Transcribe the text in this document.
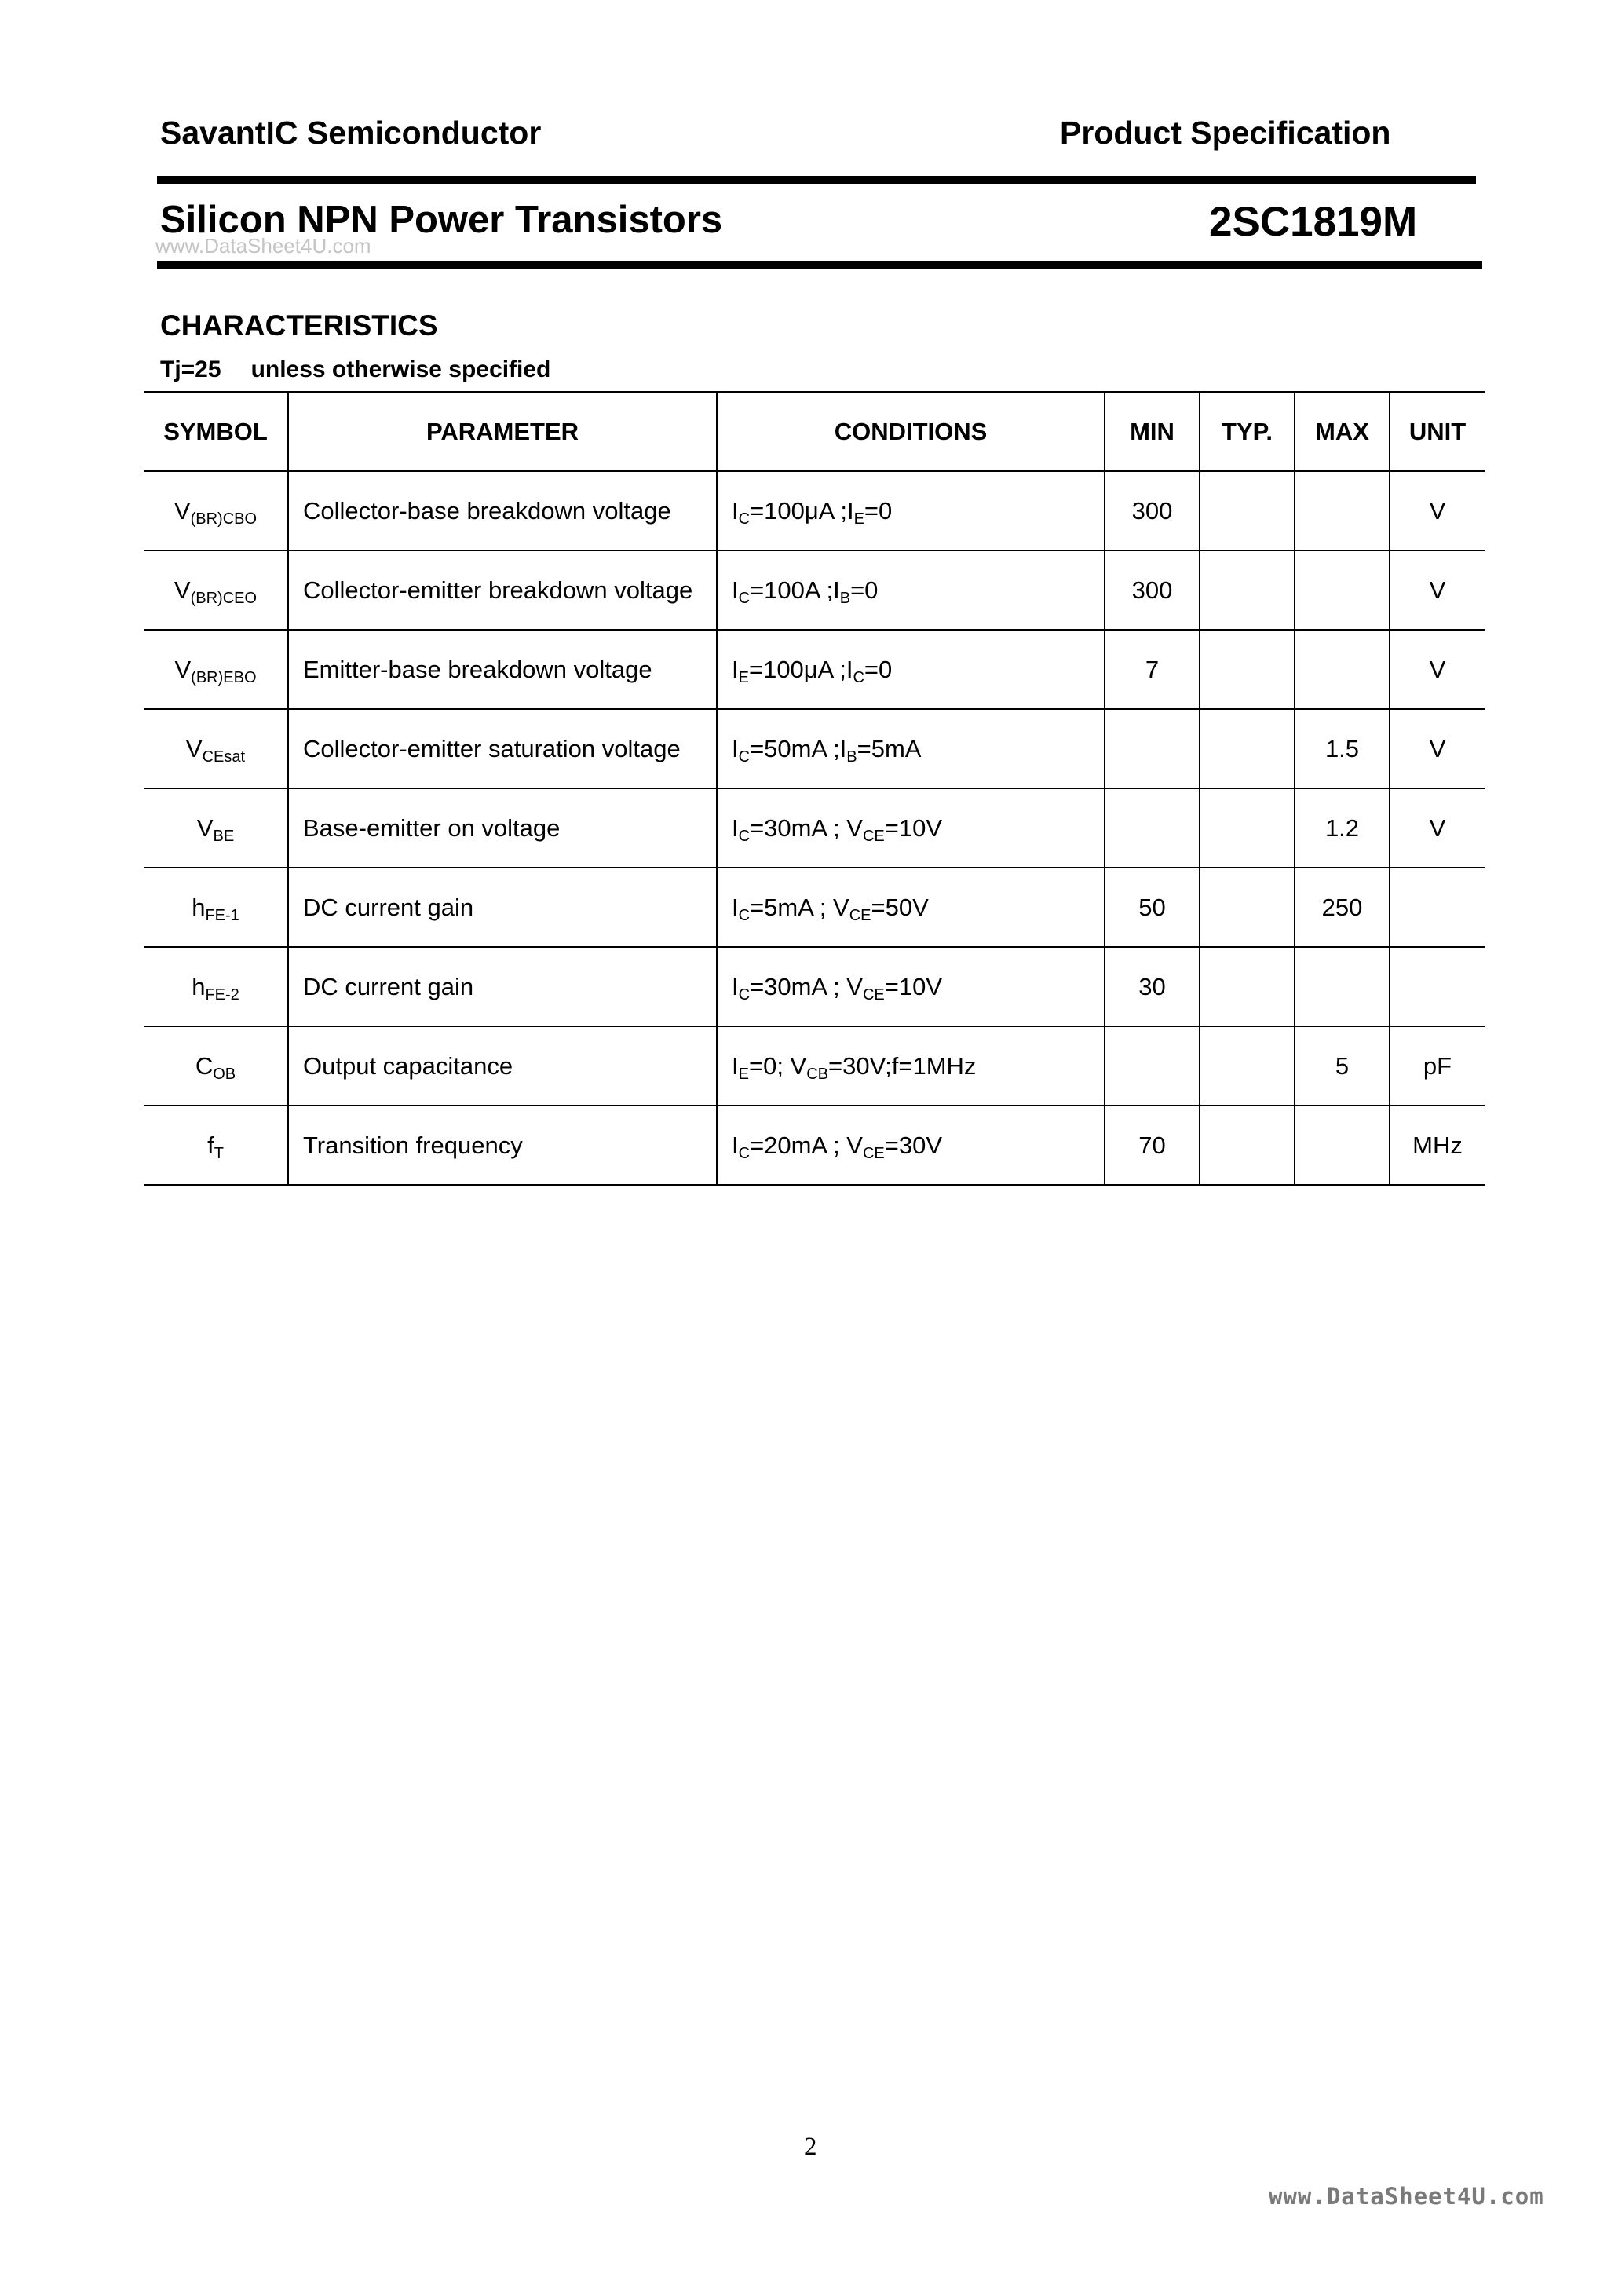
SavantIC Semiconductor	Product Specification
Silicon NPN Power Transistors
www.DataSheet4U.com
2SC1819M
CHARACTERISTICS
Tj=25 unless otherwise specified
SYMBOL	PARAMETER	CONDITIONS	MIN	TYP.	MAX	UNIT
$V_{(BR)CBO}$	Collector-base breakdown voltage	$I_C=100\mu A$ $;I_E=0$	300			V
$V_{(BR)CEO}$	Collector-emitter breakdown voltage	$I_C=100A$ $;I_B=0$	300			V
$V_{(BR)EBO}$	Emitter-base breakdown voltage	$I_E=100\mu A$ $;I_C=0$	7			V
$V_{CEsat}$	Collector-emitter saturation voltage	$I_C=50mA$ $;I_B=5mA$			1.5	V
$V_{BE}$	Base-emitter on voltage	$I_C=30mA$ ; $V_{CE}=10V$			1.2	V
$h_{FE-1}$	DC current gain	$I_C=5mA$ ; $V_{CE}=50V$	50		250	
$h_{FE-2}$	DC current gain	$I_C=30mA$ ; $V_{CE}=10V$	30			
$C_{OB}$	Output capacitance	$I_E=0$; $V_{CB}=30V;f=1MHz$			5	pF
$f_T$	Transition frequency	$I_C=20mA$ ; $V_{CE}=30V$	70			MHz
2
www.DataSheet4U.com
